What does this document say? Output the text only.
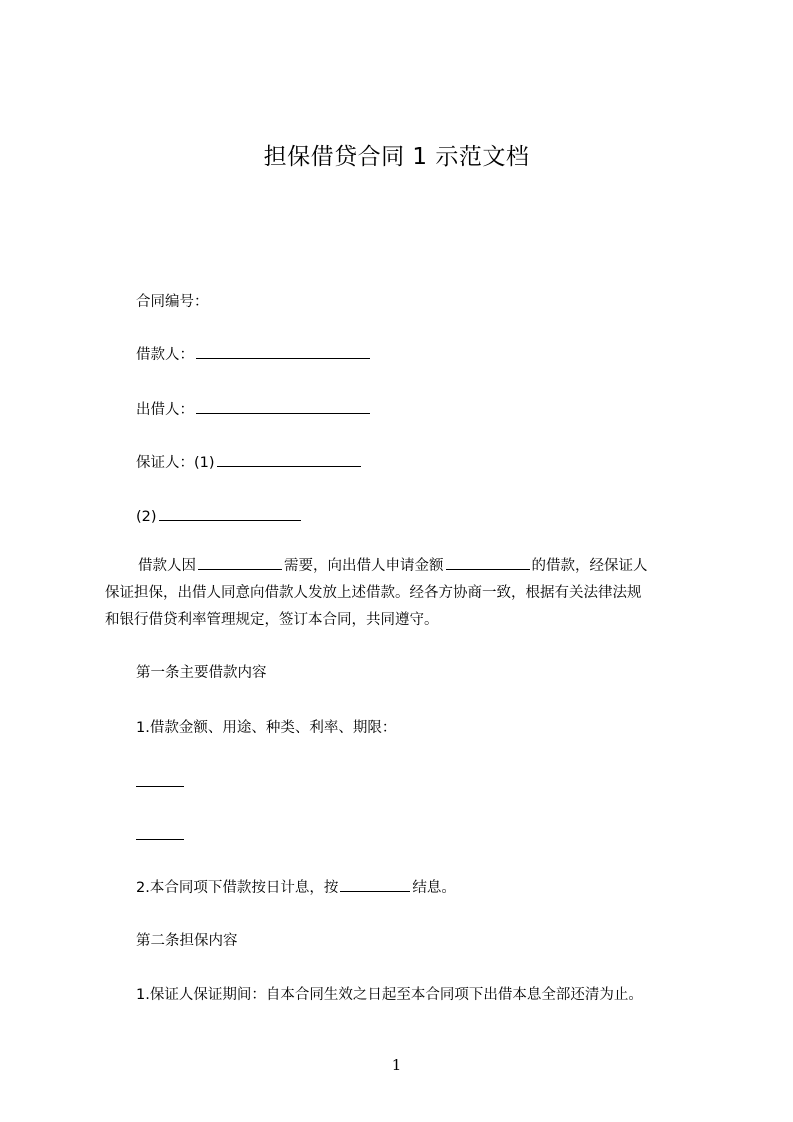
担保借贷合同 1 示范文档
合同编号：
借款人：
出借人：
保证人：(1)
(2)
借款人因	需要，向出借人申请金额	的借款，经保证人
保证担保，出借人同意向借款人发放上述借款。经各方协商一致，根据有关法律法规
和银行借贷利率管理规定，签订本合同，共同遵守。
第一条主要借款内容
1.借款金额、用途、种类、利率、期限：
2.本合同项下借款按日计息，按	结息。
第二条担保内容
1.保证人保证期间：自本合同生效之日起至本合同项下出借本息全部还清为止。
1
